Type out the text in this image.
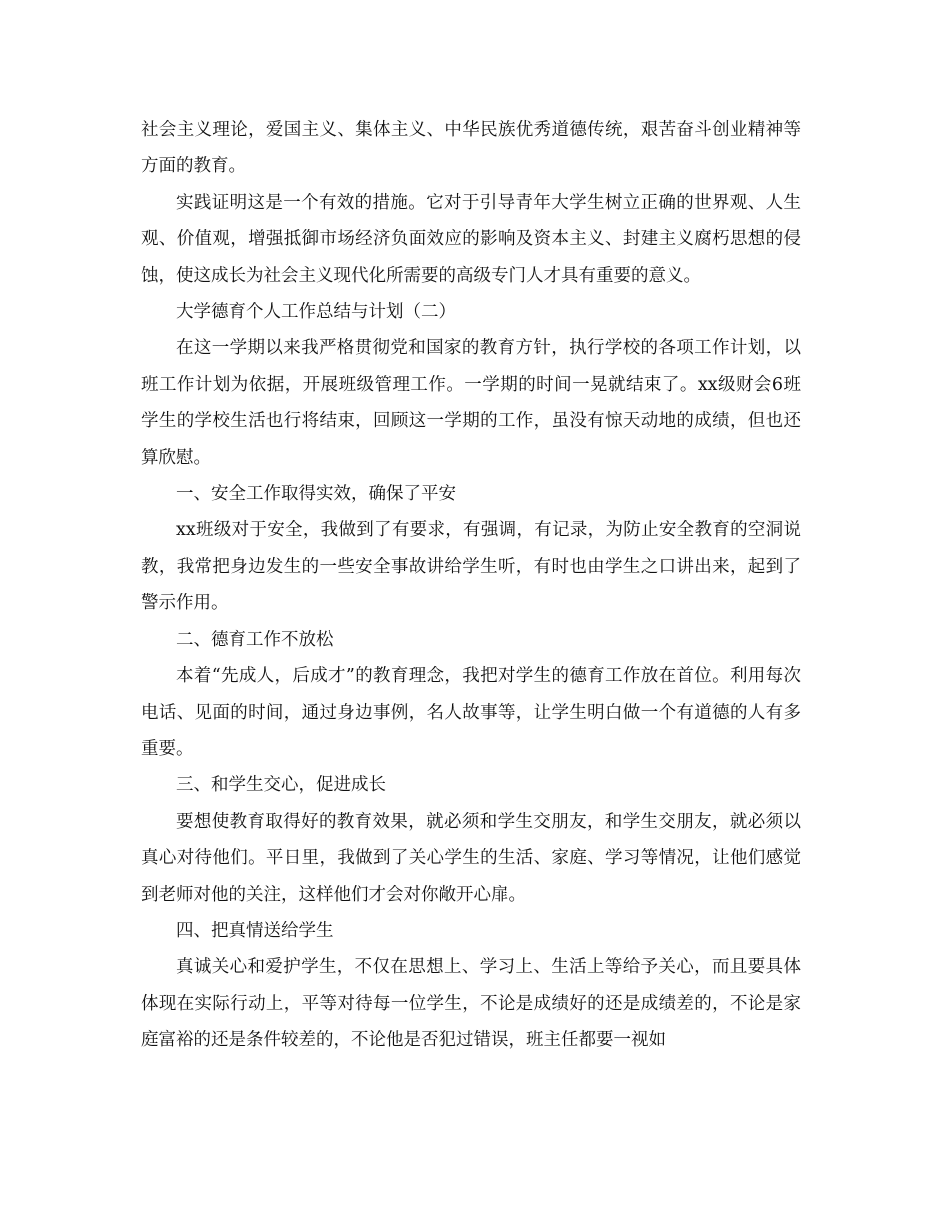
社会主义理论，爱国主义、集体主义、中华民族优秀道德传统，艰苦奋斗创业精神等方面的教育。

实践证明这是一个有效的措施。它对于引导青年大学生树立正确的世界观、人生观、价值观，增强抵御市场经济负面效应的影响及资本主义、封建主义腐朽思想的侵蚀，使这成长为社会主义现代化所需要的高级专门人才具有重要的意义。

大学德育个人工作总结与计划（二）

在这一学期以来我严格贯彻党和国家的教育方针，执行学校的各项工作计划，以班工作计划为依据，开展班级管理工作。一学期的时间一晃就结束了。xx级财会6班学生的学校生活也行将结束，回顾这一学期的工作，虽没有惊天动地的成绩，但也还算欣慰。

一、安全工作取得实效，确保了平安

xx班级对于安全，我做到了有要求，有强调，有记录，为防止安全教育的空洞说教，我常把身边发生的一些安全事故讲给学生听，有时也由学生之口讲出来，起到了警示作用。

二、德育工作不放松

本着“先成人，后成才”的教育理念，我把对学生的德育工作放在首位。利用每次电话、见面的时间，通过身边事例，名人故事等，让学生明白做一个有道德的人有多重要。

三、和学生交心，促进成长

要想使教育取得好的教育效果，就必须和学生交朋友，和学生交朋友，就必须以真心对待他们。平日里，我做到了关心学生的生活、家庭、学习等情况，让他们感觉到老师对他的关注，这样他们才会对你敞开心扉。

四、把真情送给学生

真诚关心和爱护学生，不仅在思想上、学习上、生活上等给予关心，而且要具体体现在实际行动上，平等对待每一位学生，不论是成绩好的还是成绩差的，不论是家庭富裕的还是条件较差的，不论他是否犯过错误，班主任都要一视如
